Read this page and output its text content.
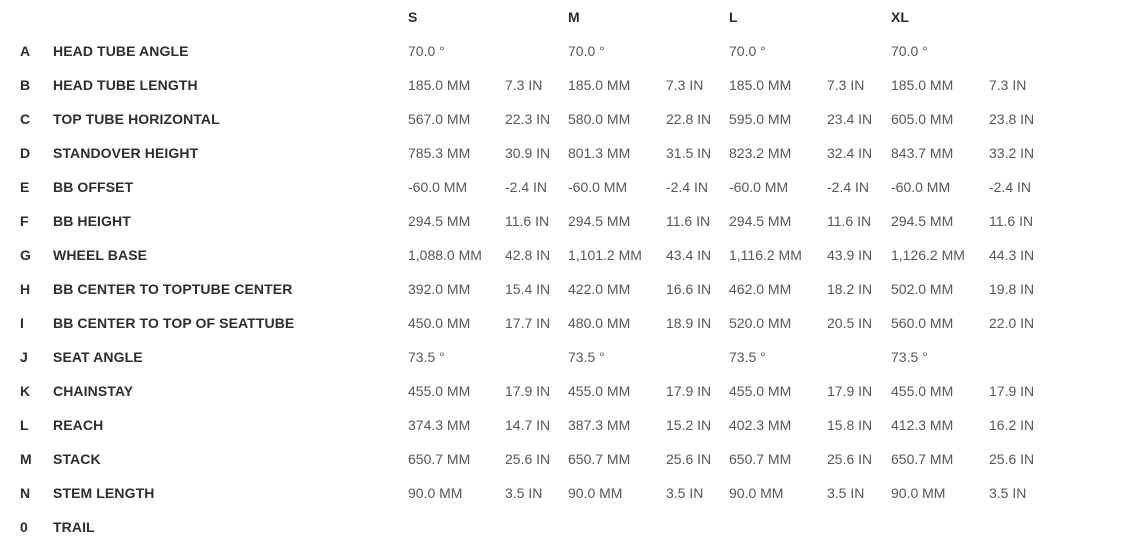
S	M	L	XL
A	HEAD TUBE ANGLE	70.0 °	70.0 °	70.0 °	70.0 °
B	HEAD TUBE LENGTH	185.0 MM	7.3 IN	185.0 MM	7.3 IN	185.0 MM	7.3 IN	185.0 MM	7.3 IN
C	TOP TUBE HORIZONTAL	567.0 MM	22.3 IN	580.0 MM	22.8 IN	595.0 MM	23.4 IN	605.0 MM	23.8 IN
D	STANDOVER HEIGHT	785.3 MM	30.9 IN	801.3 MM	31.5 IN	823.2 MM	32.4 IN	843.7 MM	33.2 IN
E	BB OFFSET	-60.0 MM	-2.4 IN	-60.0 MM	-2.4 IN	-60.0 MM	-2.4 IN	-60.0 MM	-2.4 IN
F	BB HEIGHT	294.5 MM	11.6 IN	294.5 MM	11.6 IN	294.5 MM	11.6 IN	294.5 MM	11.6 IN
G	WHEEL BASE	1,088.0 MM	42.8 IN	1,101.2 MM	43.4 IN	1,116.2 MM	43.9 IN	1,126.2 MM	44.3 IN
H	BB CENTER TO TOPTUBE CENTER	392.0 MM	15.4 IN	422.0 MM	16.6 IN	462.0 MM	18.2 IN	502.0 MM	19.8 IN
I	BB CENTER TO TOP OF SEATTUBE	450.0 MM	17.7 IN	480.0 MM	18.9 IN	520.0 MM	20.5 IN	560.0 MM	22.0 IN
J	SEAT ANGLE	73.5 °	73.5 °	73.5 °	73.5 °
K	CHAINSTAY	455.0 MM	17.9 IN	455.0 MM	17.9 IN	455.0 MM	17.9 IN	455.0 MM	17.9 IN
L	REACH	374.3 MM	14.7 IN	387.3 MM	15.2 IN	402.3 MM	15.8 IN	412.3 MM	16.2 IN
M	STACK	650.7 MM	25.6 IN	650.7 MM	25.6 IN	650.7 MM	25.6 IN	650.7 MM	25.6 IN
N	STEM LENGTH	90.0 MM	3.5 IN	90.0 MM	3.5 IN	90.0 MM	3.5 IN	90.0 MM	3.5 IN
0	TRAIL
